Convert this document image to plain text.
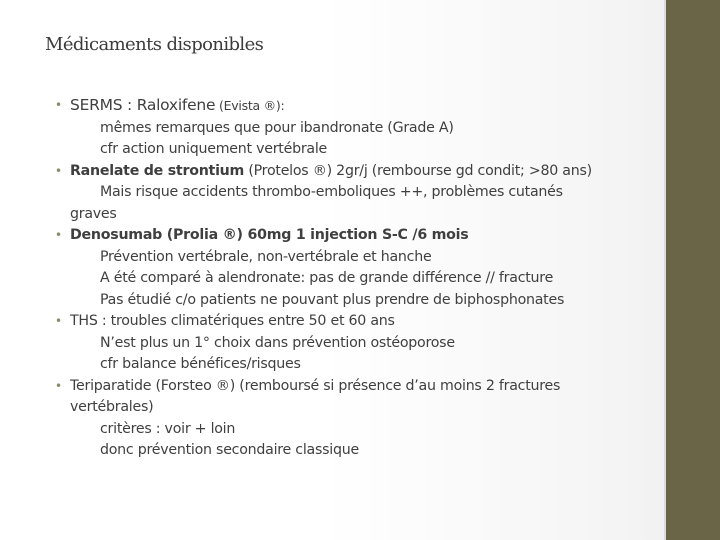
Médicaments disponibles
• SERMS : Raloxifene (Evista ®):
mêmes remarques que pour ibandronate (Grade A)
cfr action uniquement vertébrale
• Ranelate de strontium (Protelos ®) 2gr/j (rembourse gd condit; >80 ans)
Mais risque accidents thrombo-emboliques ++, problèmes cutanés
graves
• Denosumab (Prolia ®) 60mg 1 injection S-C /6 mois
Prévention vertébrale, non-vertébrale et hanche
A été comparé à alendronate: pas de grande différence // fracture
Pas étudié c/o patients ne pouvant plus prendre de biphosphonates
• THS : troubles climatériques entre 50 et 60 ans
N’est plus un 1° choix dans prévention ostéoporose
cfr balance bénéfices/risques
• Teriparatide (Forsteo ®) (remboursé si présence d’au moins 2 fractures
vertébrales)
critères : voir + loin
donc prévention secondaire classique
